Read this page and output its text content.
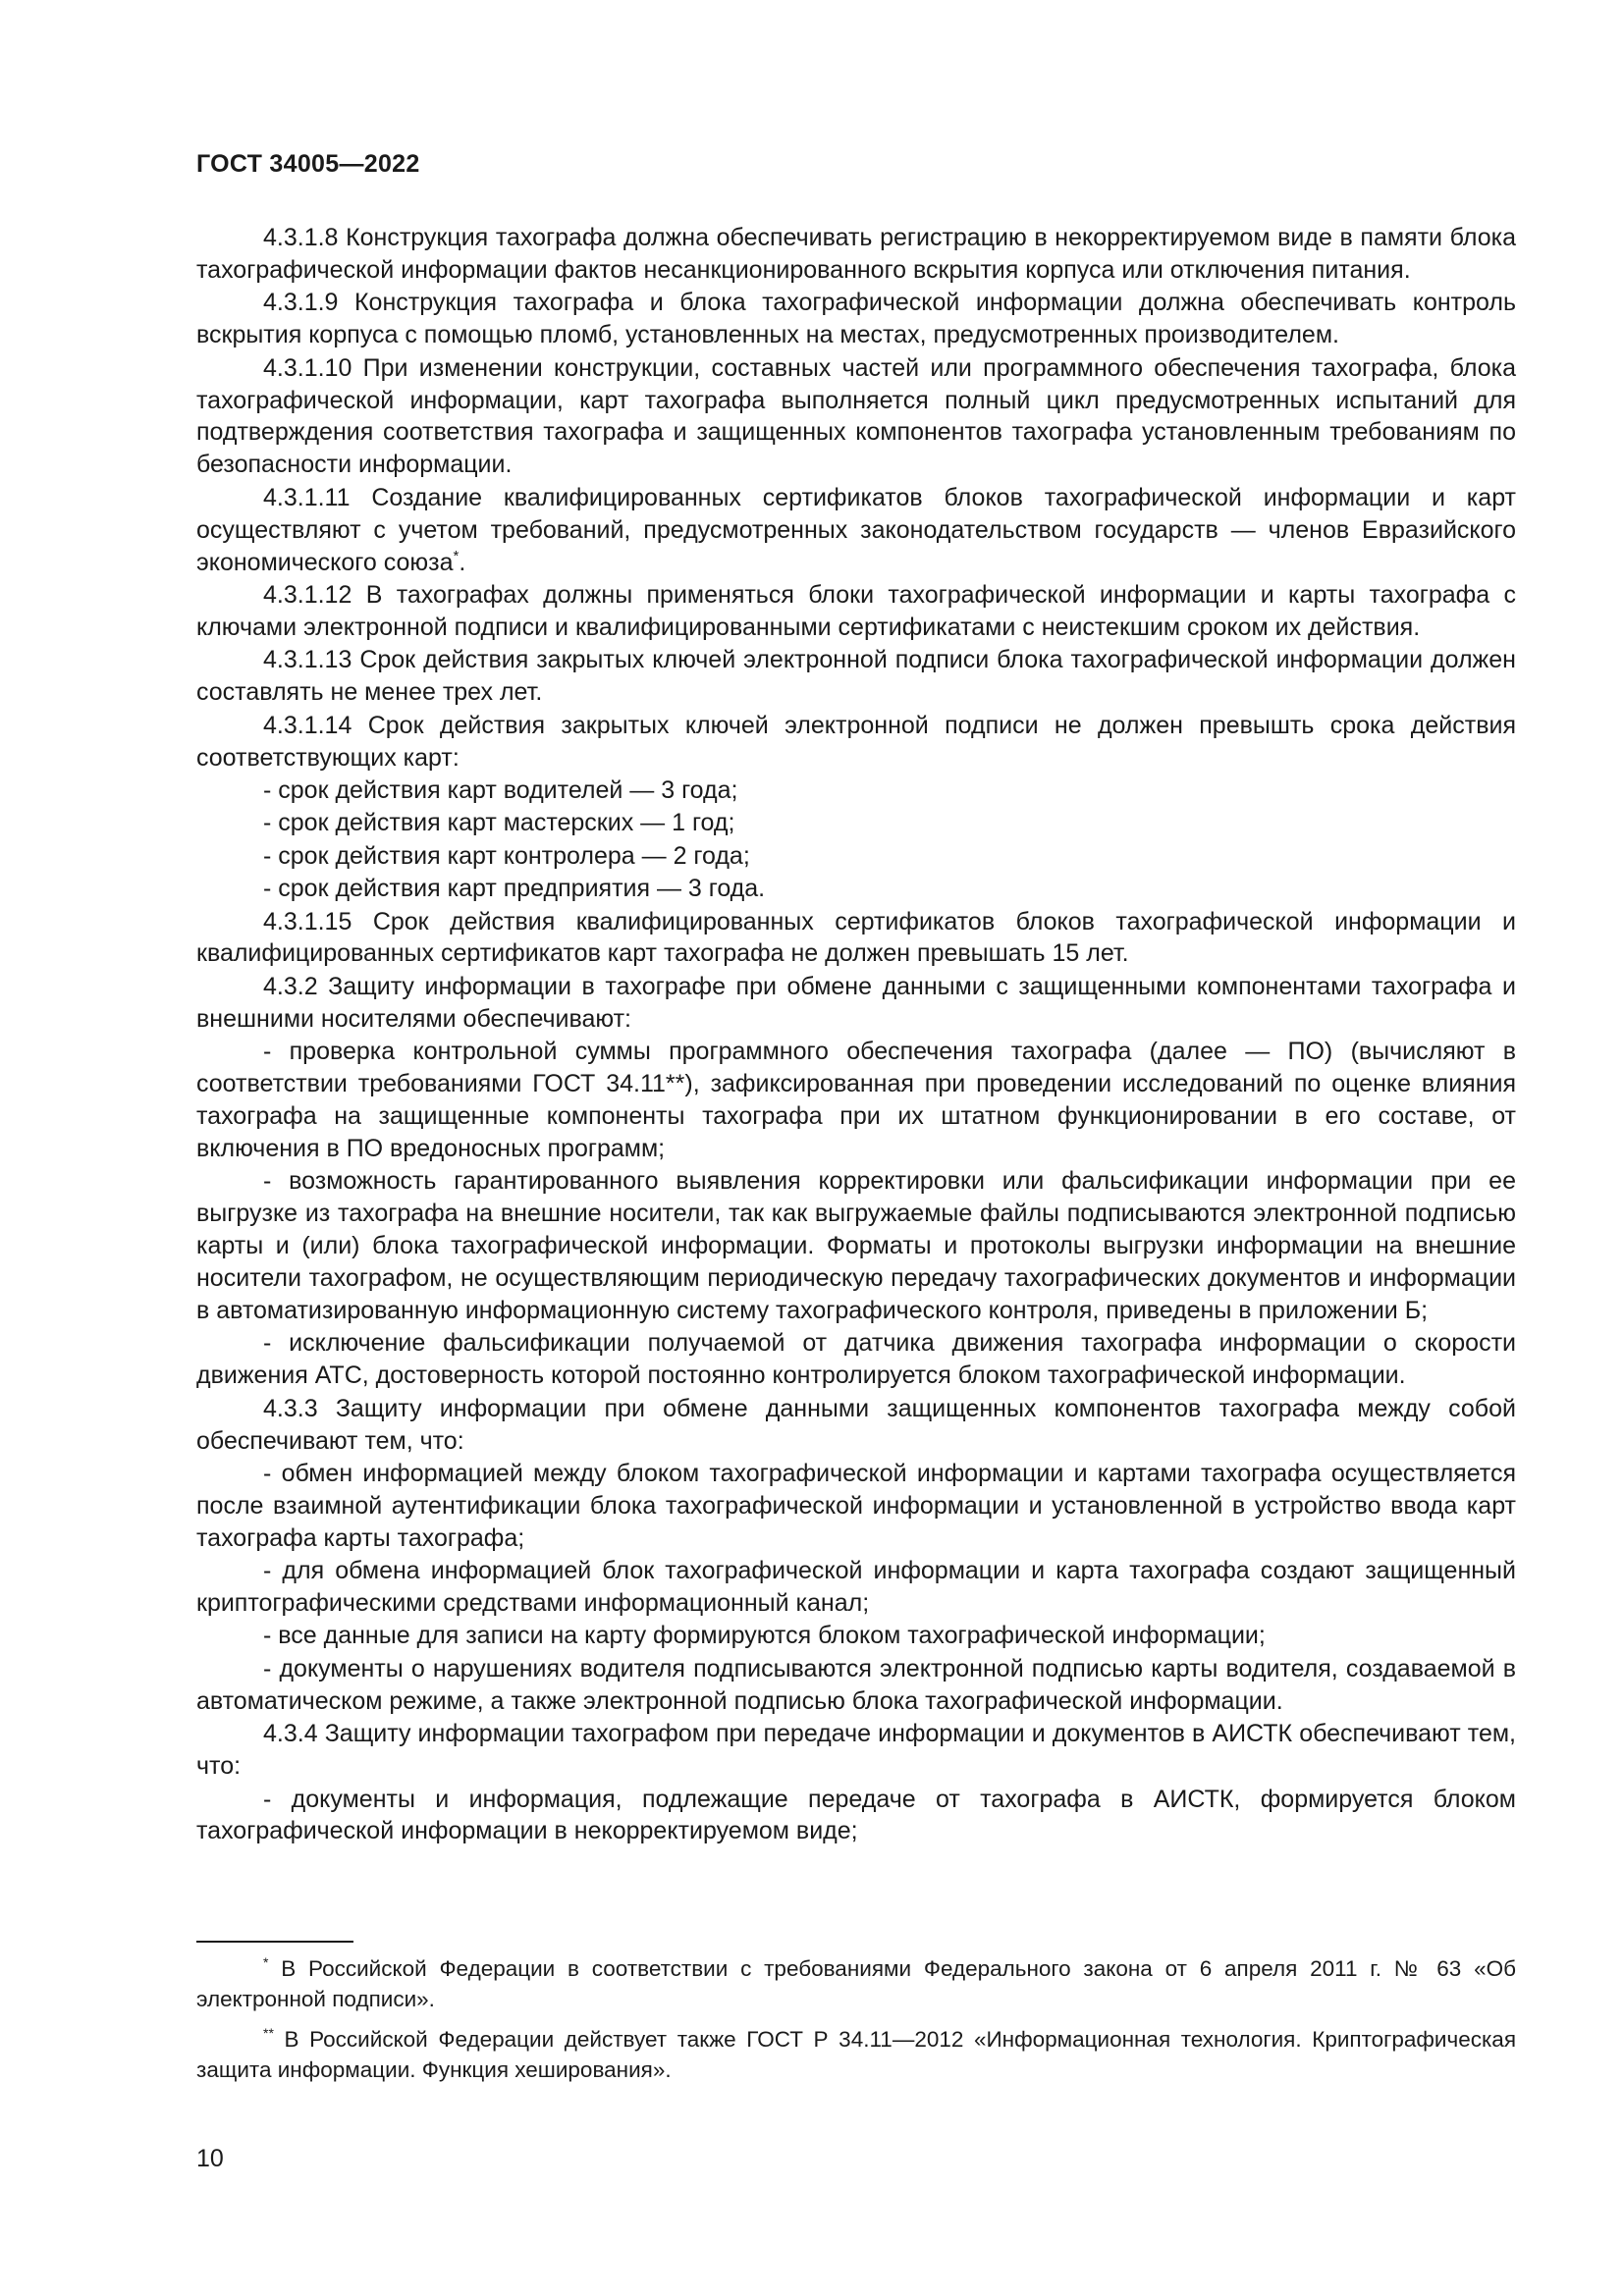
ГОСТ 34005—2022

4.3.1.8 Конструкция тахографа должна обеспечивать регистрацию в некорректируемом виде в памяти блока тахографической информации фактов несанкционированного вскрытия корпуса или отключения питания.

4.3.1.9 Конструкция тахографа и блока тахографической информации должна обеспечивать контроль вскрытия корпуса с помощью пломб, установленных на местах, предусмотренных производителем.

4.3.1.10 При изменении конструкции, составных частей или программного обеспечения тахографа, блока тахографической информации, карт тахографа выполняется полный цикл предусмотренных испытаний для подтверждения соответствия тахографа и защищенных компонентов тахографа установленным требованиям по безопасности информации.

4.3.1.11 Создание квалифицированных сертификатов блоков тахографической информации и карт осуществляют с учетом требований, предусмотренных законодательством государств — членов Евразийского экономического союза*.

4.3.1.12 В тахографах должны применяться блоки тахографической информации и карты тахографа с ключами электронной подписи и квалифицированными сертификатами с неистекшим сроком их действия.

4.3.1.13 Срок действия закрытых ключей электронной подписи блока тахографической информации должен составлять не менее трех лет.

4.3.1.14 Срок действия закрытых ключей электронной подписи не должен превышть срока действия соответствующих карт:

- срок действия карт водителей — 3 года;

- срок действия карт мастерских — 1 год;

- срок действия карт контролера — 2 года;

- срок действия карт предприятия — 3 года.

4.3.1.15 Срок действия квалифицированных сертификатов блоков тахографической информации и квалифицированных сертификатов карт тахографа не должен превышать 15 лет.

4.3.2 Защиту информации в тахографе при обмене данными с защищенными компонентами тахографа и внешними носителями обеспечивают:

- проверка контрольной суммы программного обеспечения тахографа (далее — ПО) (вычисляют в соответствии требованиями ГОСТ 34.11**), зафиксированная при проведении исследований по оценке влияния тахографа на защищенные компоненты тахографа при их штатном функционировании в его составе, от включения в ПО вредоносных программ;

- возможность гарантированного выявления корректировки или фальсификации информации при ее выгрузке из тахографа на внешние носители, так как выгружаемые файлы подписываются электронной подписью карты и (или) блока тахографической информации. Форматы и протоколы выгрузки информации на внешние носители тахографом, не осуществляющим периодическую передачу тахографических документов и информации в автоматизированную информационную систему тахографического контроля, приведены в приложении Б;

- исключение фальсификации получаемой от датчика движения тахографа информации о скорости движения АТС, достоверность которой постоянно контролируется блоком тахографической информации.

4.3.3 Защиту информации при обмене данными защищенных компонентов тахографа между собой обеспечивают тем, что:

- обмен информацией между блоком тахографической информации и картами тахографа осуществляется после взаимной аутентификации блока тахографической информации и установленной в устройство ввода карт тахографа карты тахографа;

- для обмена информацией блок тахографической информации и карта тахографа создают защищенный криптографическими средствами информационный канал;

- все данные для записи на карту формируются блоком тахографической информации;

- документы о нарушениях водителя подписываются электронной подписью карты водителя, создаваемой в автоматическом режиме, а также электронной подписью блока тахографической информации.

4.3.4 Защиту информации тахографом при передаче информации и документов в АИСТК обеспечивают тем, что:

- документы и информация, подлежащие передаче от тахографа в АИСТК, формируется блоком тахографической информации в некорректируемом виде;

* В Российской Федерации в соответствии с требованиями Федерального закона от 6 апреля 2011 г. № 63 «Об электронной подписи».

** В Российской Федерации действует также ГОСТ Р 34.11—2012 «Информационная технология. Криптографическая защита информации. Функция хеширования».

10
